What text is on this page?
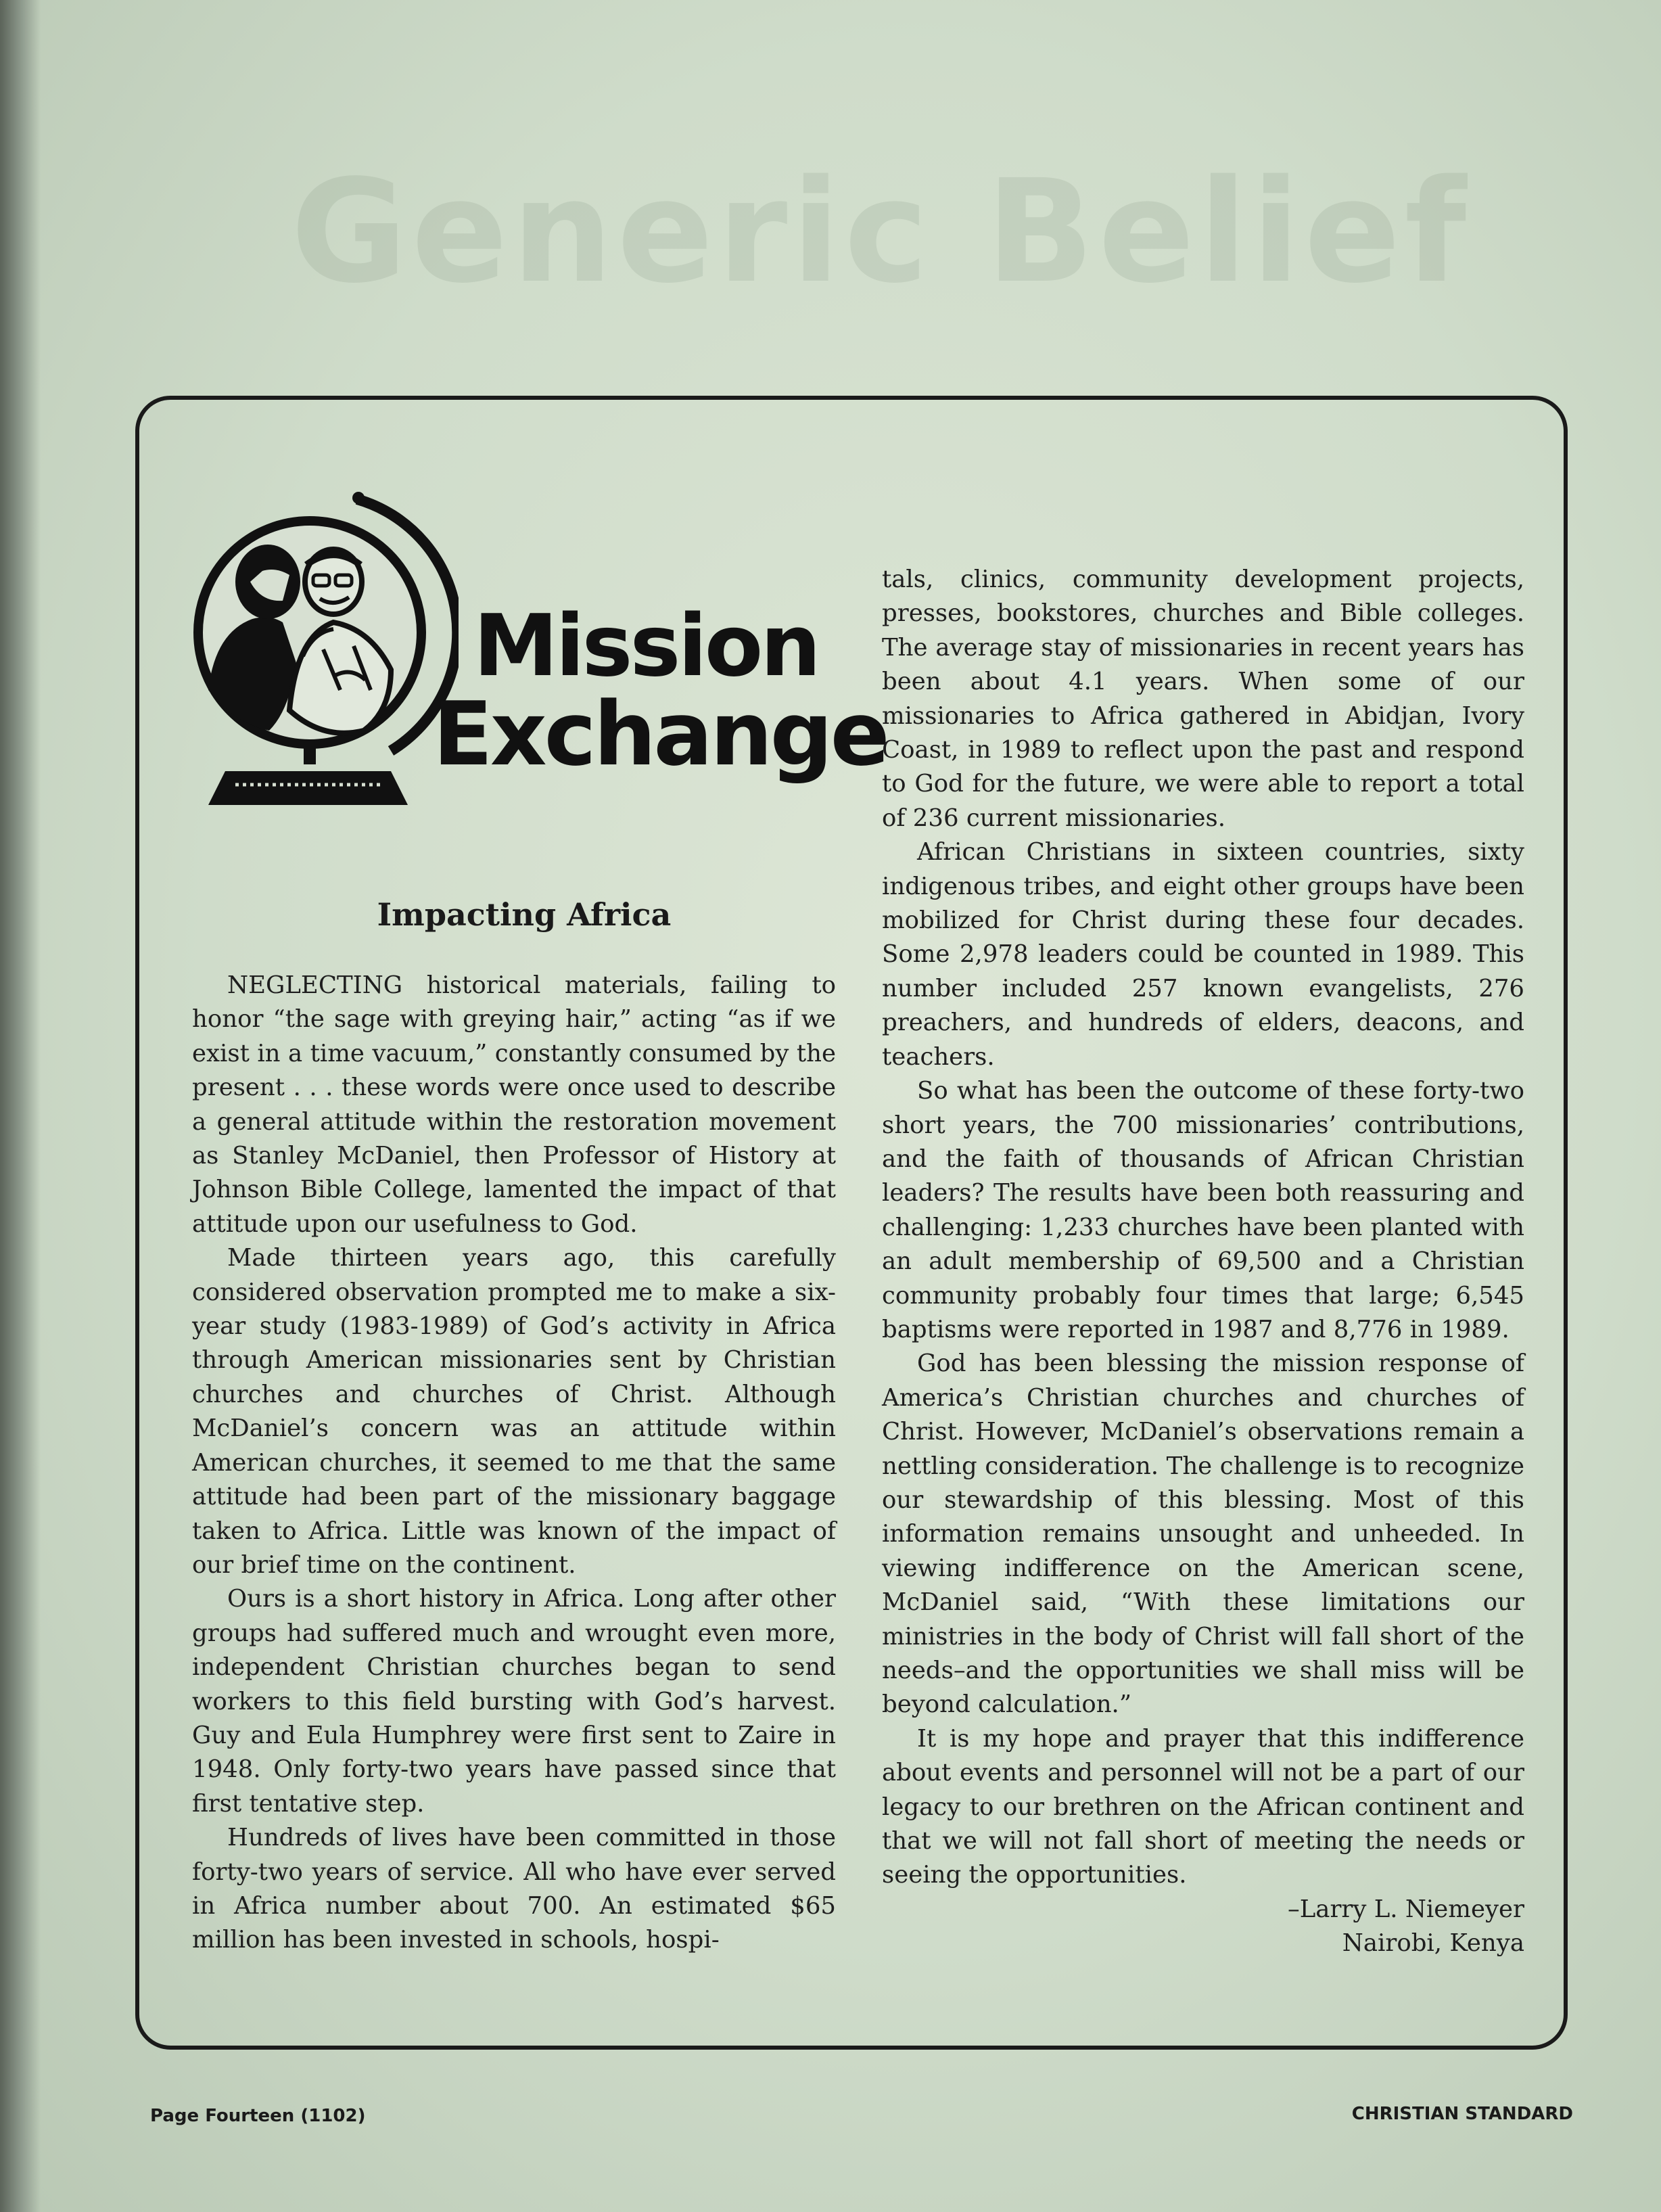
Generic Belief
Mission
Exchange
Impacting Africa

NEGLECTING historical materials, failing to honor “the sage with greying hair,” acting “as if we exist in a time vacuum,” constantly consumed by the present . . . these words were once used to describe a general attitude within the restoration movement as Stanley McDaniel, then Professor of History at Johnson Bible College, lamented the impact of that attitude upon our usefulness to God.

Made thirteen years ago, this carefully considered observation prompted me to make a six-year study (1983-1989) of God’s activity in Africa through American missionaries sent by Christian churches and churches of Christ. Although McDaniel’s concern was an attitude within American churches, it seemed to me that the same attitude had been part of the missionary baggage taken to Africa. Little was known of the impact of our brief time on the continent.

Ours is a short history in Africa. Long after other groups had suffered much and wrought even more, independent Christian churches began to send workers to this field bursting with God’s harvest. Guy and Eula Humphrey were first sent to Zaire in 1948. Only forty-two years have passed since that first tentative step.

Hundreds of lives have been committed in those forty-two years of service. All who have ever served in Africa number about 700. An estimated $65 million has been invested in schools, hospi-

tals, clinics, community development projects, presses, bookstores, churches and Bible colleges. The average stay of missionaries in recent years has been about 4.1 years. When some of our missionaries to Africa gathered in Abidjan, Ivory Coast, in 1989 to reflect upon the past and respond to God for the future, we were able to report a total of 236 current missionaries.

African Christians in sixteen countries, sixty indigenous tribes, and eight other groups have been mobilized for Christ during these four decades. Some 2,978 leaders could be counted in 1989. This number included 257 known evangelists, 276 preachers, and hundreds of elders, deacons, and teachers.

So what has been the outcome of these forty-two short years, the 700 missionaries’ contributions, and the faith of thousands of African Christian leaders? The results have been both reassuring and challenging: 1,233 churches have been planted with an adult membership of 69,500 and a Christian community probably four times that large; 6,545 baptisms were reported in 1987 and 8,776 in 1989.

God has been blessing the mission response of America’s Christian churches and churches of Christ. However, McDaniel’s observations remain a nettling consideration. The challenge is to recognize our stewardship of this blessing. Most of this information remains unsought and unheeded. In viewing indifference on the American scene, McDaniel said, “With these limitations our ministries in the body of Christ will fall short of the needs–and the opportunities we shall miss will be beyond calculation.”

It is my hope and prayer that this indifference about events and personnel will not be a part of our legacy to our brethren on the African continent and that we will not fall short of meeting the needs or seeing the opportunities.

–Larry L. Niemeyer
Nairobi, Kenya

Page Fourteen (1102)	CHRISTIAN STANDARD
